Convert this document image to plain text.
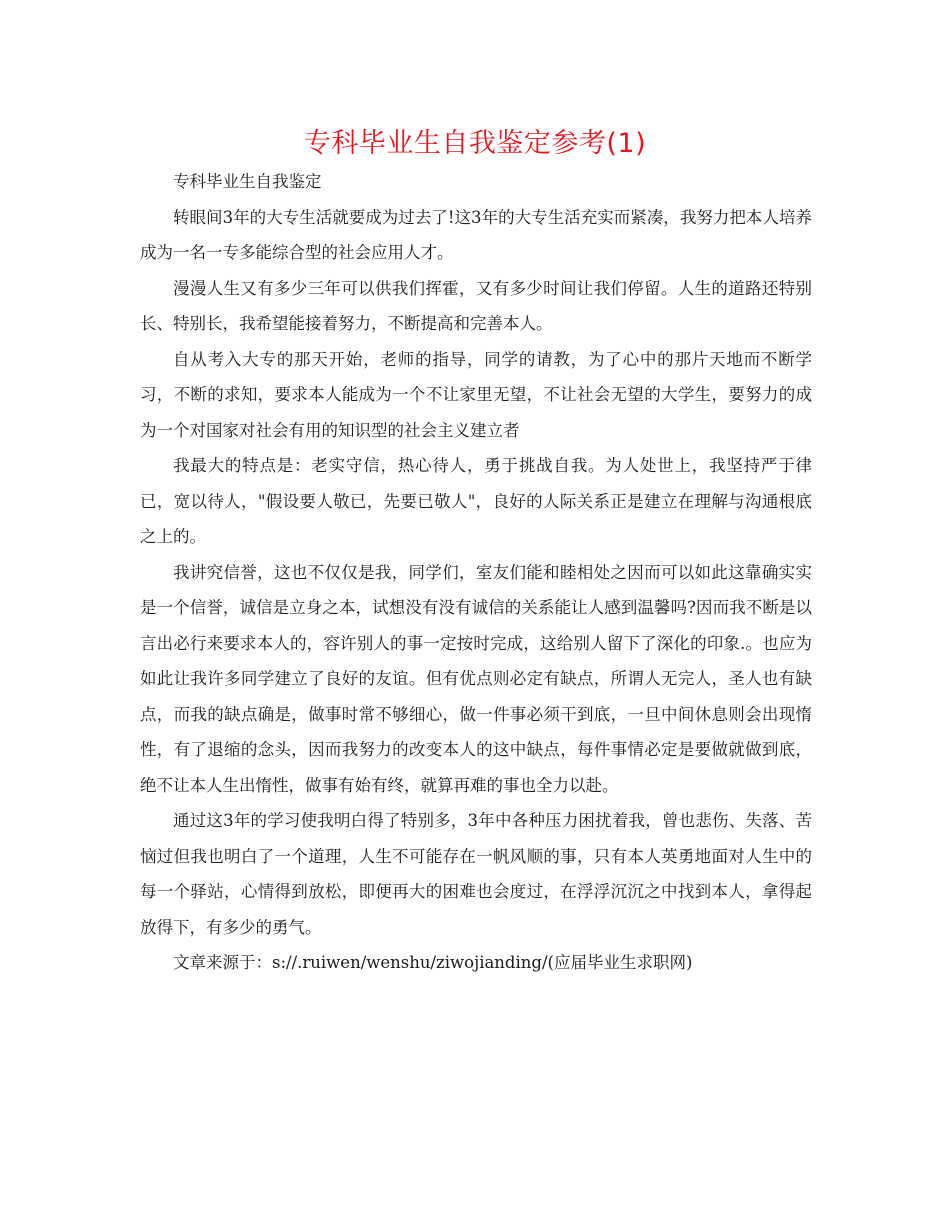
专科毕业生自我鉴定参考(1)

专科毕业生自我鉴定

转眼间3年的大专生活就要成为过去了!这3年的大专生活充实而紧凑，我努力把本人培养成为一名一专多能综合型的社会应用人才。

漫漫人生又有多少三年可以供我们挥霍，又有多少时间让我们停留。人生的道路还特别长、特别长，我希望能接着努力，不断提高和完善本人。

自从考入大专的那天开始，老师的指导，同学的请教，为了心中的那片天地而不断学习，不断的求知，要求本人能成为一个不让家里无望，不让社会无望的大学生，要努力的成为一个对国家对社会有用的知识型的社会主义建立者

我最大的特点是：老实守信，热心待人，勇于挑战自我。为人处世上，我坚持严于律已，宽以待人，"假设要人敬已，先要已敬人"，良好的人际关系正是建立在理解与沟通根底之上的。

我讲究信誉，这也不仅仅是我，同学们，室友们能和睦相处之因而可以如此这靠确实实是一个信誉，诚信是立身之本，试想没有没有诚信的关系能让人感到温馨吗?因而我不断是以言出必行来要求本人的，容许别人的事一定按时完成，这给别人留下了深化的印象.。也应为如此让我许多同学建立了良好的友谊。但有优点则必定有缺点，所谓人无完人，圣人也有缺点，而我的缺点确是，做事时常不够细心，做一件事必须干到底，一旦中间休息则会出现惰性，有了退缩的念头，因而我努力的改变本人的这中缺点，每件事情必定是要做就做到底，绝不让本人生出惰性，做事有始有终，就算再难的事也全力以赴。

通过这3年的学习使我明白得了特别多，3年中各种压力困扰着我，曾也悲伤、失落、苦恼过但我也明白了一个道理，人生不可能存在一帆风顺的事，只有本人英勇地面对人生中的每一个驿站，心情得到放松，即便再大的困难也会度过，在浮浮沉沉之中找到本人，拿得起放得下，有多少的勇气。

文章来源于：s://.ruiwen/wenshu/ziwojianding/(应届毕业生求职网)
